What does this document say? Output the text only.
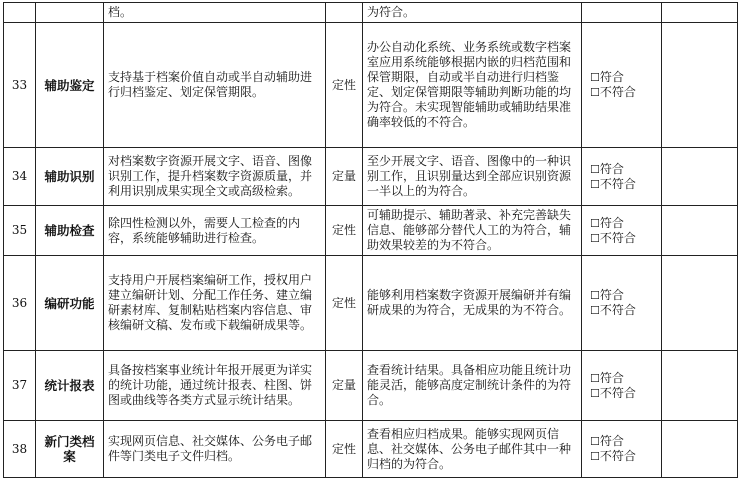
		档。		为符合。		
33	辅助鉴定	支持基于档案价值自动或半自动辅助进行归档鉴定、划定保管期限。	定性	办公自动化系统、业务系统或数字档案室应用系统能够根据内嵌的归档范围和保管期限，自动或半自动进行归档鉴定、划定保管期限等辅助判断功能的均为符合。未实现智能辅助或辅助结果准确率较低的不符合。	☐符合
☐不符合	

34	辅助识别	对档案数字资源开展文字、语音、图像识别工作，提升档案数字资源质量，并利用识别成果实现全文或高级检索。	定量	至少开展文字、语音、图像中的一种识别工作，且识别量达到全部应识别资源一半以上的为符合。	☐符合
☐不符合	

35	辅助检查	除四性检测以外，需要人工检查的内容，系统能够辅助进行检查。	定性	可辅助提示、辅助著录、补充完善缺失信息、能够部分替代人工的为符合，辅助效果较差的为不符合。	☐符合
☐不符合	

36	编研功能	支持用户开展档案编研工作，授权用户建立编研计划、分配工作任务、建立编研素材库、复制粘贴档案内容信息、审核编研文稿、发布或下载编研成果等。	定性	能够利用档案数字资源开展编研并有编研成果的为符合，无成果的为不符合。	☐符合
☐不符合	

37	统计报表	具备按档案事业统计年报开展更为详实的统计功能，通过统计报表、柱图、饼图或曲线等各类方式显示统计结果。	定量	查看统计结果。具备相应功能且统计功能灵活，能够高度定制统计条件的为符合。	☐符合
☐不符合	

38	新门类档案	实现网页信息、社交媒体、公务电子邮件等门类电子文件归档。	定性	查看相应归档成果。能够实现网页信息、社交媒体、公务电子邮件其中一种归档的为符合。	☐符合
☐不符合	
